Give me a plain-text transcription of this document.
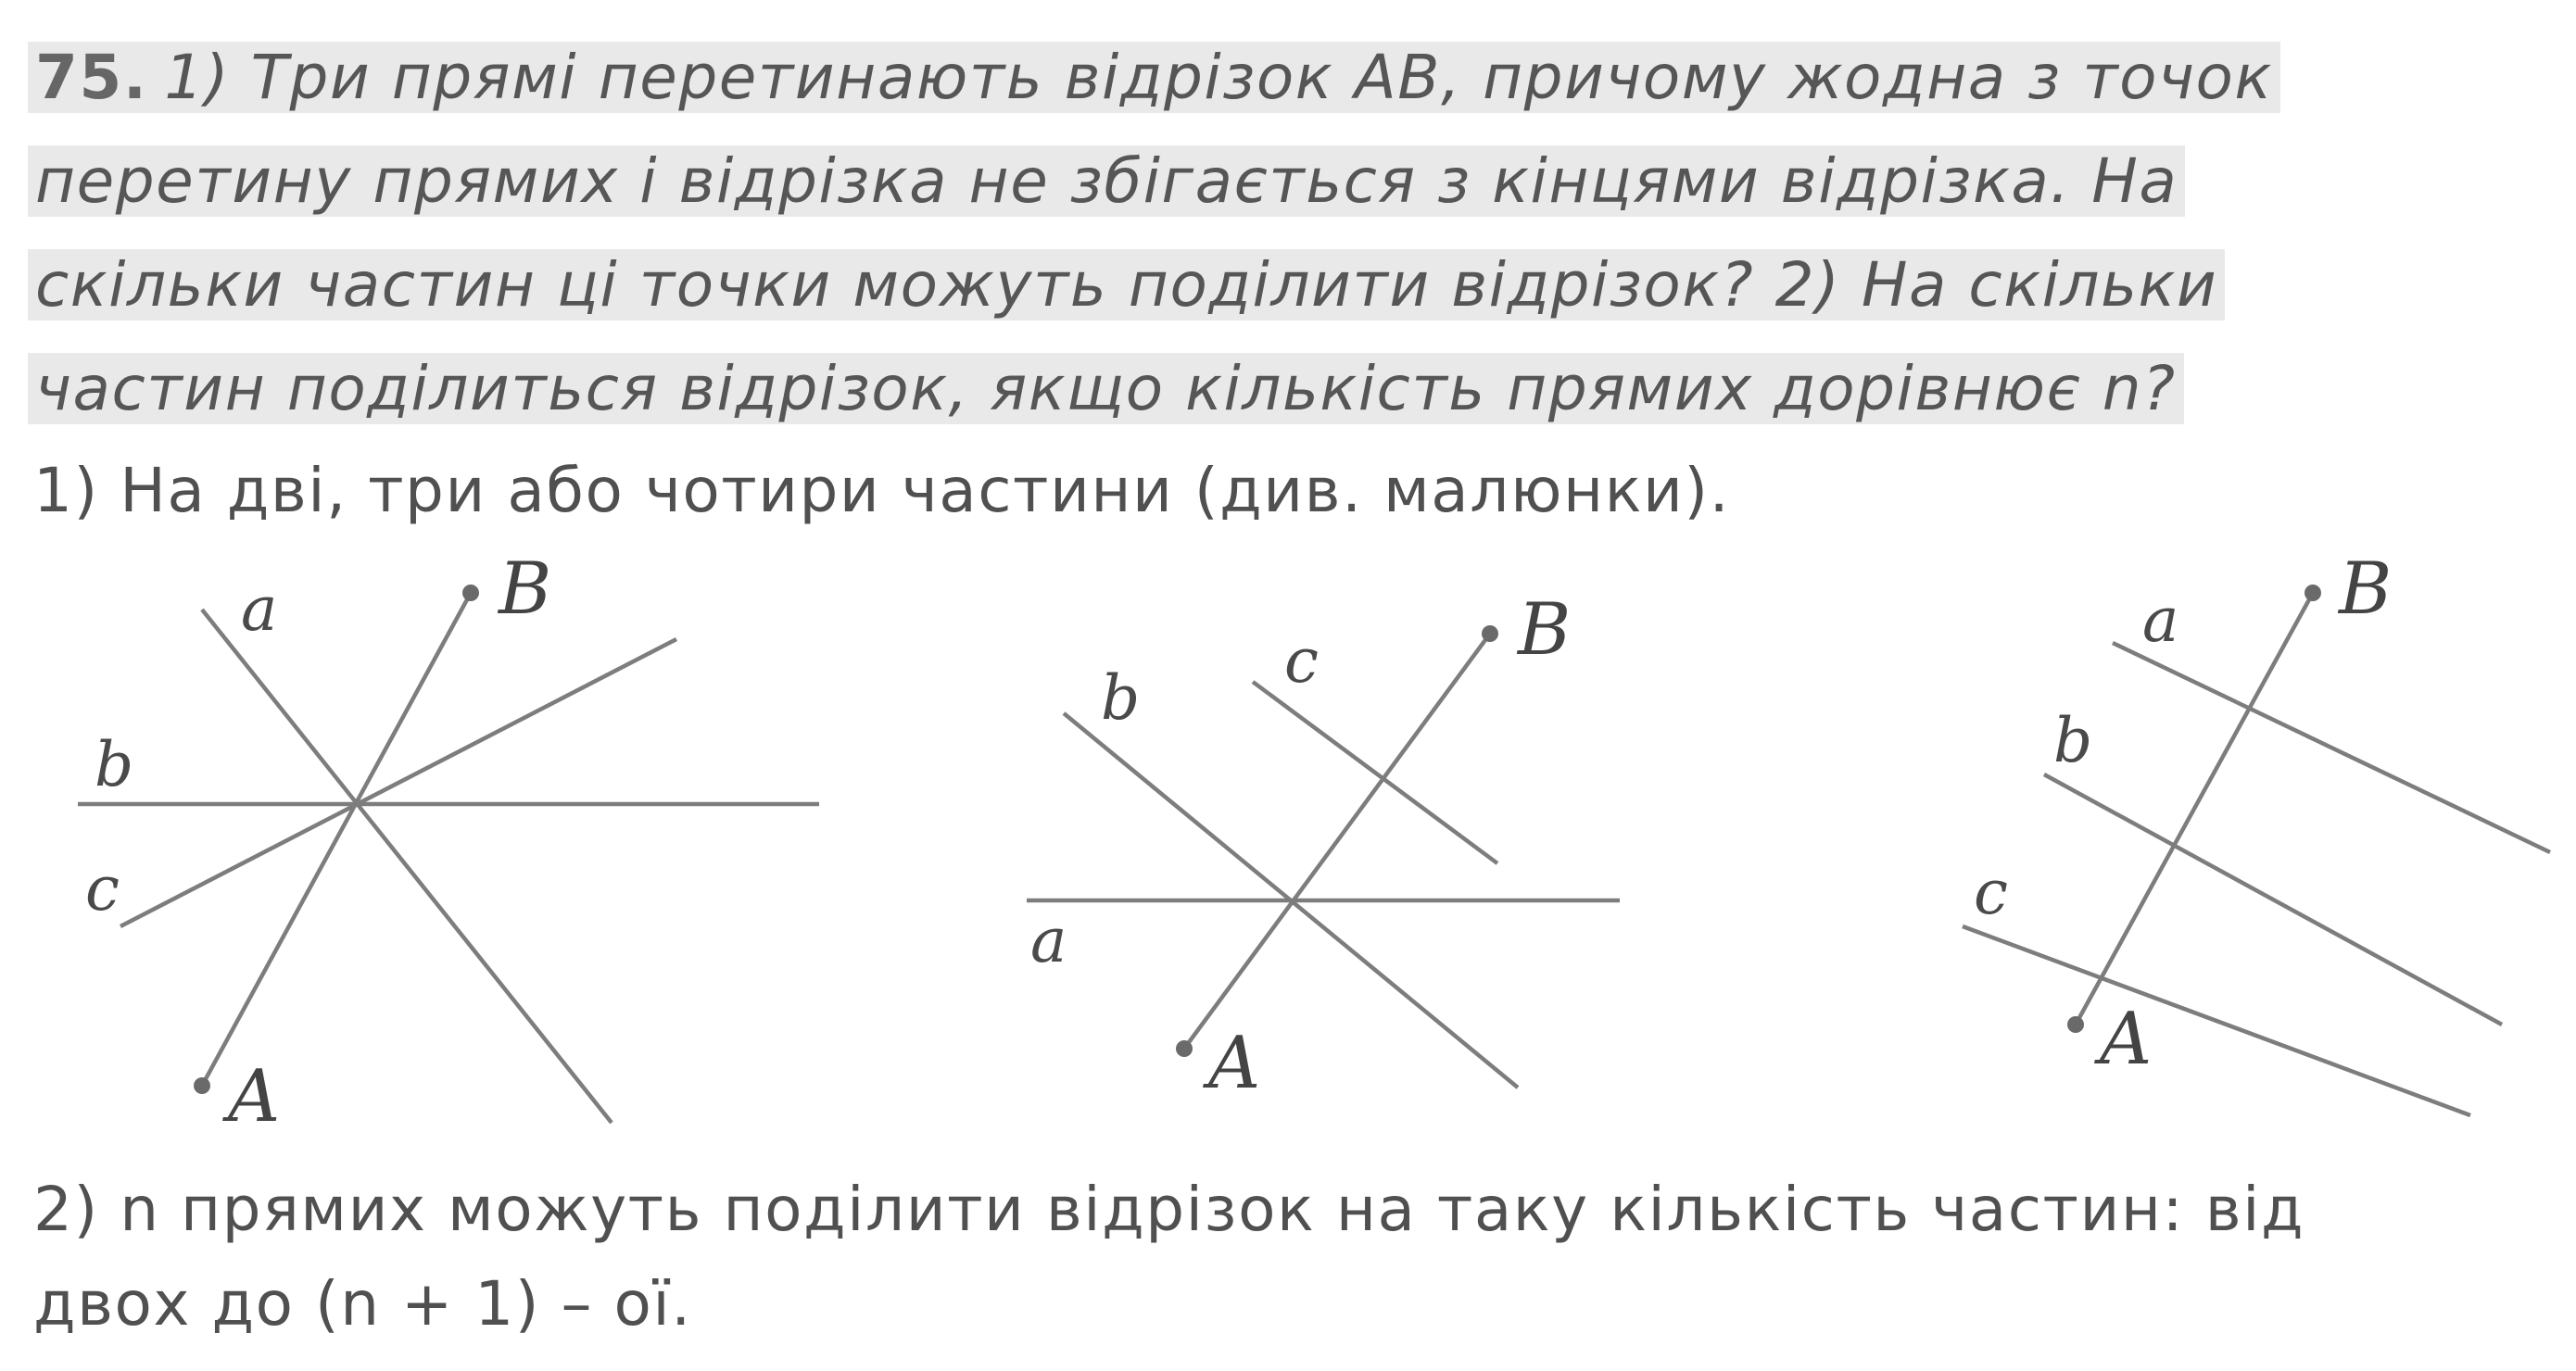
75. 1) Три прямі перетинають відрізок AB, причому жодна з точок
перетину прямих і відрізка не збігається з кінцями відрізка. На
скільки частин ці точки можуть поділити відрізок? 2) На скільки
частин поділиться відрізок, якщо кількість прямих дорівнює n?
1) На дві, три або чотири частини (див. малюнки).
a
b
c
A
B
a
b
c
A
B	a
b
c
A
B
2) n прямих можуть поділити відрізок на таку кількість частин: від
двох до (n + 1) – ої.
